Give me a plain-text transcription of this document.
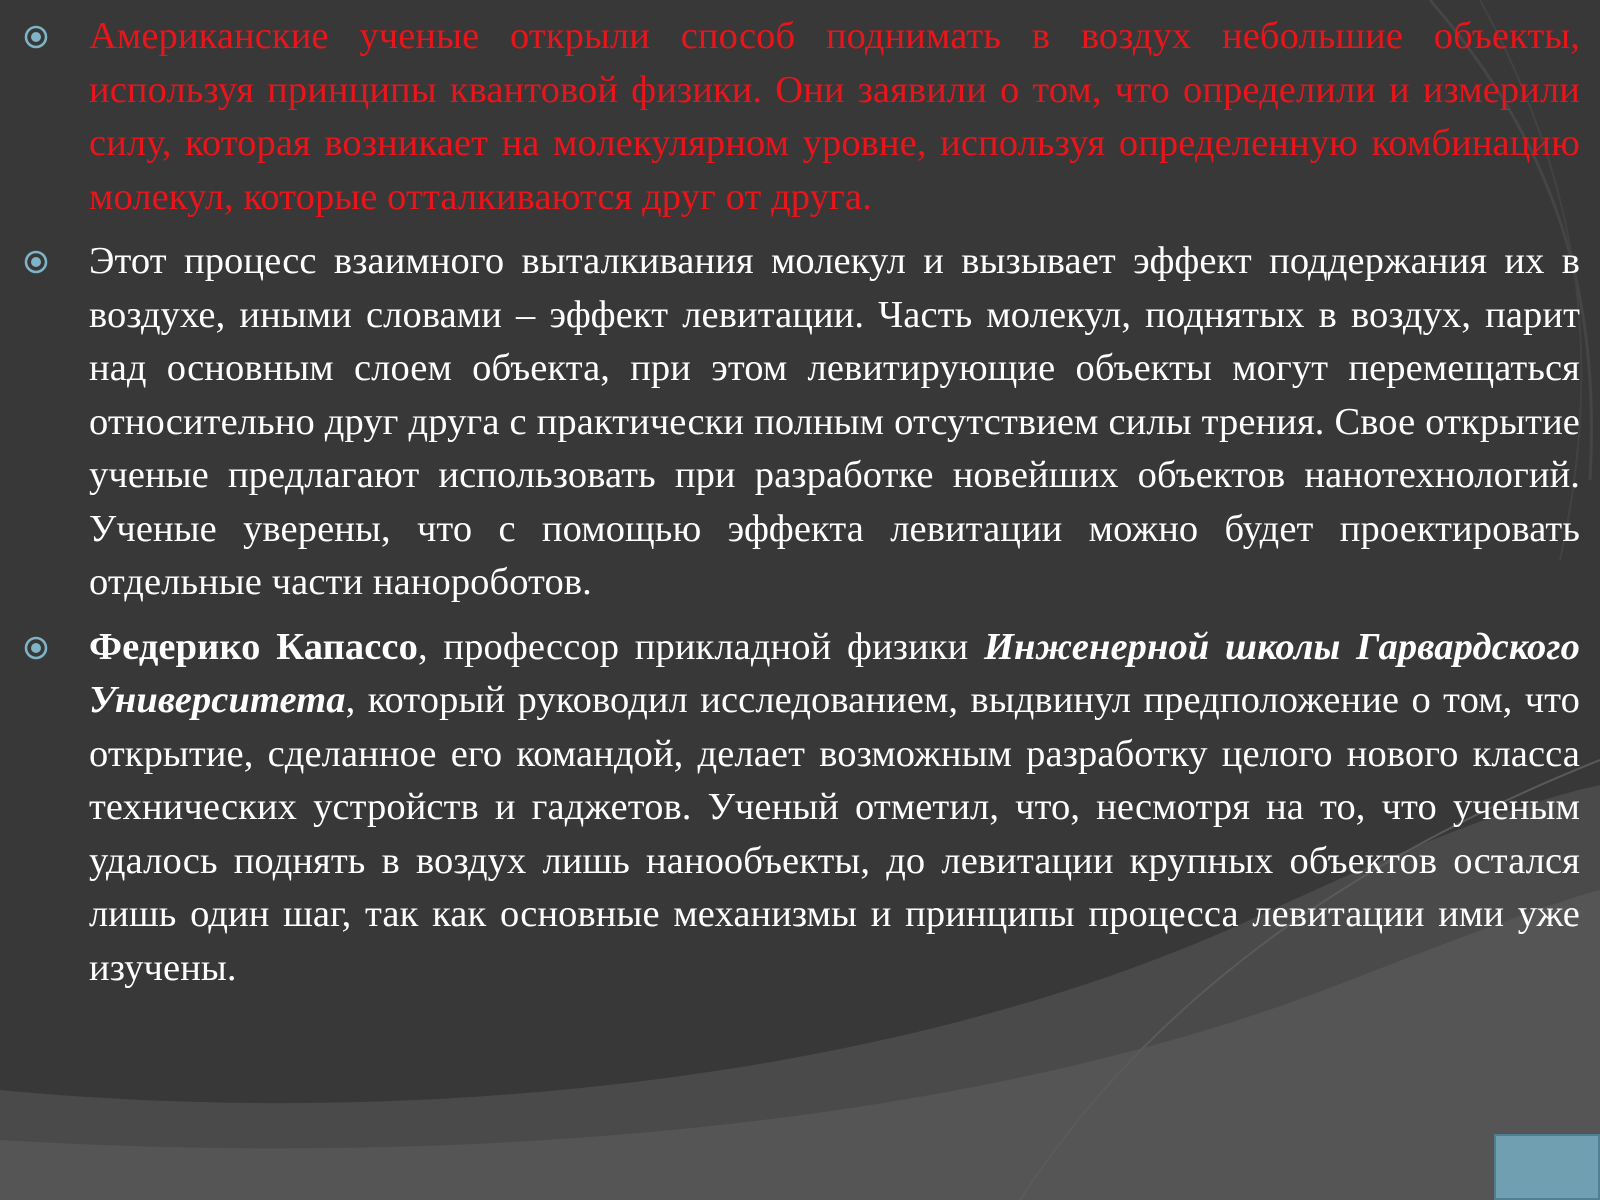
Американские ученые открыли способ поднимать в воздух небольшие объекты, используя принципы квантовой физики. Они заявили о том, что определили и измерили силу, которая возникает на молекулярном уровне, используя определенную комбинацию молекул, которые отталкиваются друг от друга.
Этот процесс взаимного выталкивания молекул и вызывает эффект поддержания их в воздухе, иными словами – эффект левитации. Часть молекул, поднятых в воздух, парит над основным слоем объекта, при этом левитирующие объекты могут перемещаться относительно друг друга с практически полным отсутствием силы трения. Свое открытие ученые предлагают использовать при разработке новейших объектов нанотехнологий. Ученые уверены, что с помощью эффекта левитации можно будет проектировать отдельные части нанороботов.
Федерико Капассо, профессор прикладной физики Инженерной школы Гарвардского Университета, который руководил исследованием, выдвинул предположение о том, что открытие, сделанное его командой, делает возможным разработку целого нового класса технических устройств и гаджетов. Ученый отметил, что, несмотря на то, что ученым удалось поднять в воздух лишь нанообъекты, до левитации крупных объектов остался лишь один шаг, так как основные механизмы и принципы процесса левитации ими уже изучены.
